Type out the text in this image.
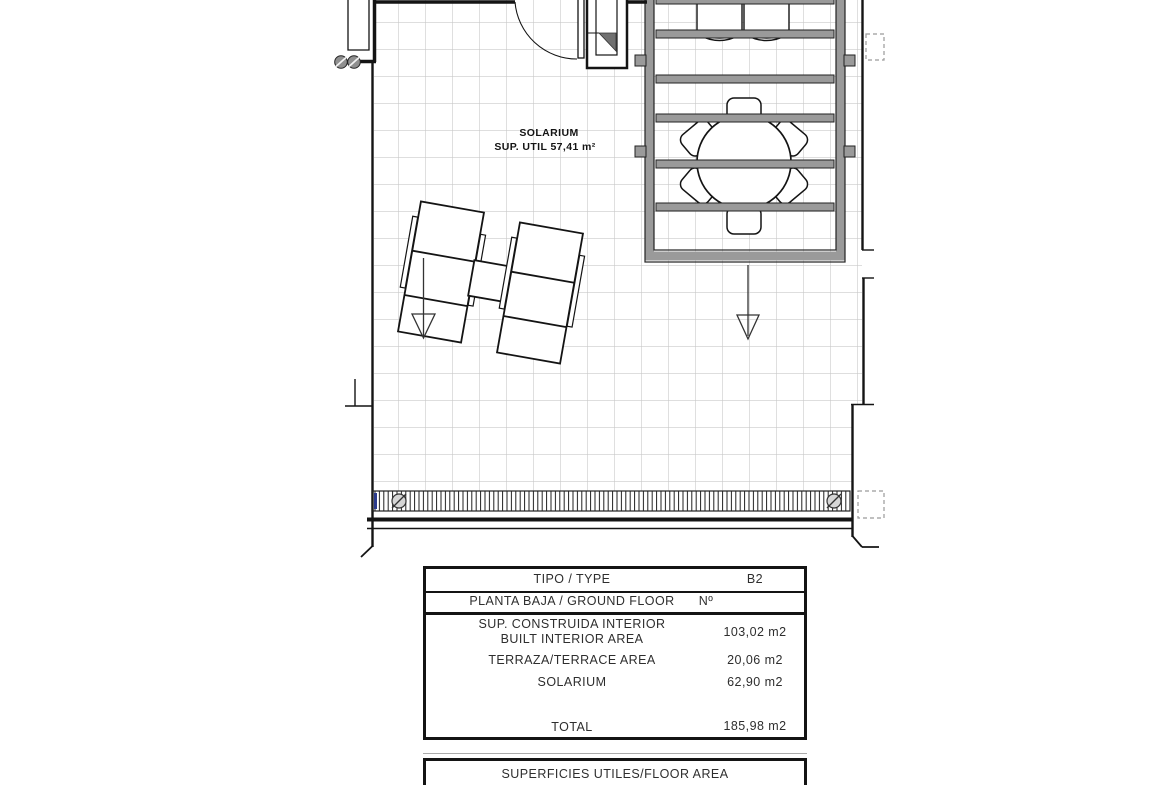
SOLARIUM
SUP. UTIL 57,41 m²
TIPO / TYPE	B2
PLANTA BAJA / GROUND FLOOR	Nº
SUP. CONSTRUIDA INTERIOR
BUILT INTERIOR AREA	103,02 m2
TERRAZA/TERRACE AREA	20,06 m2
SOLARIUM	62,90 m2
TOTAL	185,98 m2
SUPERFICIES UTILES/FLOOR AREA
